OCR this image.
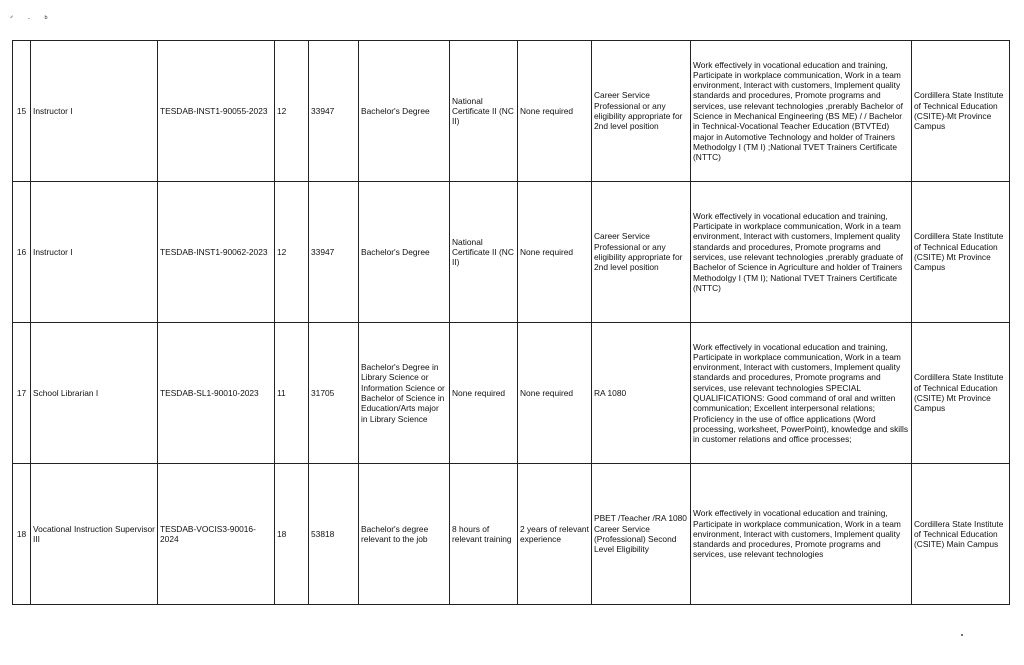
ᐟ · ᵇ
15	Instructor I	TESDAB-INST1-90055-2023	12	33947	Bachelor's Degree	National Certificate II (NC II)	None required	Career Service Professional or any eligibility appropriate for 2nd level position	Work effectively in vocational education and training, Participate in workplace communication, Work in a team environment, Interact with customers, Implement quality standards and procedures, Promote programs and services, use relevant technologies ,prerably Bachelor of Science in Mechanical Engineering (BS ME) / / Bachelor in Technical-Vocational Teacher Education (BTVTEd) major in Automotive Technology and holder of Trainers Methodolgy I (TM I) ;National TVET Trainers Certificate (NTTC)	Cordillera State Institute of Technical Education (CSITE)-Mt Province Campus
16	Instructor I	TESDAB-INST1-90062-2023	12	33947	Bachelor's Degree	National Certificate II (NC II)	None required	Career Service Professional or any eligibility appropriate for 2nd level position	Work effectively in vocational education and training, Participate in workplace communication, Work in a team environment, Interact with customers, Implement quality standards and procedures, Promote programs and services, use relevant technologies ,prerably graduate of Bachelor of Science in Agriculture and holder of Trainers Methodolgy I (TM I); National TVET Trainers Certificate (NTTC)	Cordillera State Institute of Technical Education (CSITE) Mt Province Campus
17	School Librarian I	TESDAB-SL1-90010-2023	11	31705	Bachelor's Degree in Library Science or Information Science or Bachelor of Science in Education/Arts major in Library Science	None required	None required	RA 1080	Work effectively in vocational education and training, Participate in workplace communication, Work in a team environment, Interact with customers, Implement quality standards and procedures, Promote programs and services, use relevant technologies SPECIAL QUALIFICATIONS: Good command of oral and written communication; Excellent interpersonal relations; Proficiency in the use of office applications (Word processing, worksheet, PowerPoint), knowledge and skills in customer relations and office processes;	Cordillera State Institute of Technical Education (CSITE) Mt Province Campus
18	Vocational Instruction Supervisor III	TESDAB-VOCIS3-90016-2024	18	53818	Bachelor's degree relevant to the job	8 hours of relevant training	2 years of relevant experience	PBET /Teacher /RA 1080 Career Service (Professional) Second Level Eligibility	Work effectively in vocational education and training, Participate in workplace communication, Work in a team environment, Interact with customers, Implement quality standards and procedures, Promote programs and services, use relevant technologies	Cordillera State Institute of Technical Education (CSITE) Main Campus
